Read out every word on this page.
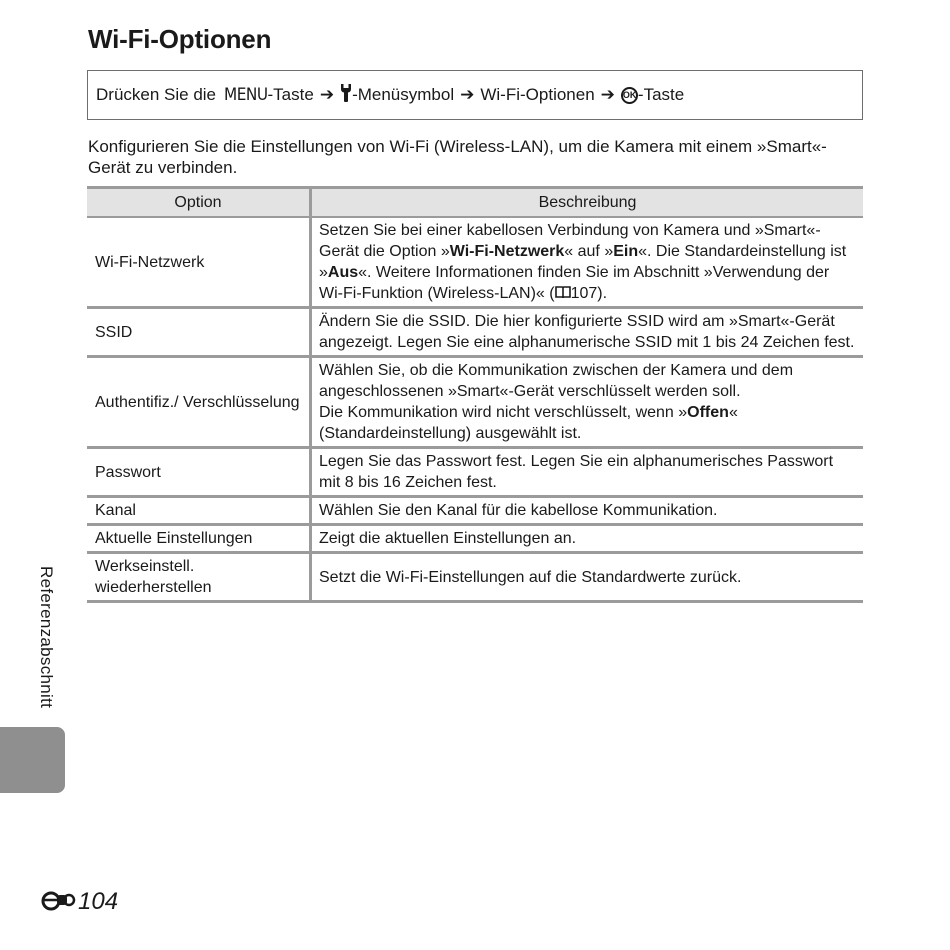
Wi-Fi-Optionen
Drücken Sie die MENU -Taste ➔ -Menüsymbol ➔ Wi-Fi-Optionen ➔ OK -Taste

Konfigurieren Sie die Einstellungen von Wi-Fi (Wireless-LAN), um die Kamera mit einem »Smart«-Gerät zu verbinden.

Option	Beschreibung
Wi-Fi-Netzwerk	Setzen Sie bei einer kabellosen Verbindung von Kamera und »Smart«-Gerät die Option »Wi-Fi-Netzwerk« auf »Ein«. Die Standardeinstellung ist »Aus«. Weitere Informationen finden Sie im Abschnitt »Verwendung der Wi-Fi-Funktion (Wireless-LAN)« ( 107).
SSID	Ändern Sie die SSID. Die hier konfigurierte SSID wird am »Smart«-Gerät angezeigt. Legen Sie eine alphanumerische SSID mit 1 bis 24 Zeichen fest.
Authentifiz./ Verschlüsselung	Wählen Sie, ob die Kommunikation zwischen der Kamera und dem angeschlossenen »Smart«-Gerät verschlüsselt werden soll.
Die Kommunikation wird nicht verschlüsselt, wenn »Offen« (Standardeinstellung) ausgewählt ist.
Passwort	Legen Sie das Passwort fest. Legen Sie ein alphanumerisches Passwort mit 8 bis 16 Zeichen fest.
Kanal	Wählen Sie den Kanal für die kabellose Kommunikation.
Aktuelle Einstellungen	Zeigt die aktuellen Einstellungen an.
Werkseinstell. wiederherstellen	Setzt die Wi-Fi-Einstellungen auf die Standardwerte zurück.
Referenzabschnitt
104
